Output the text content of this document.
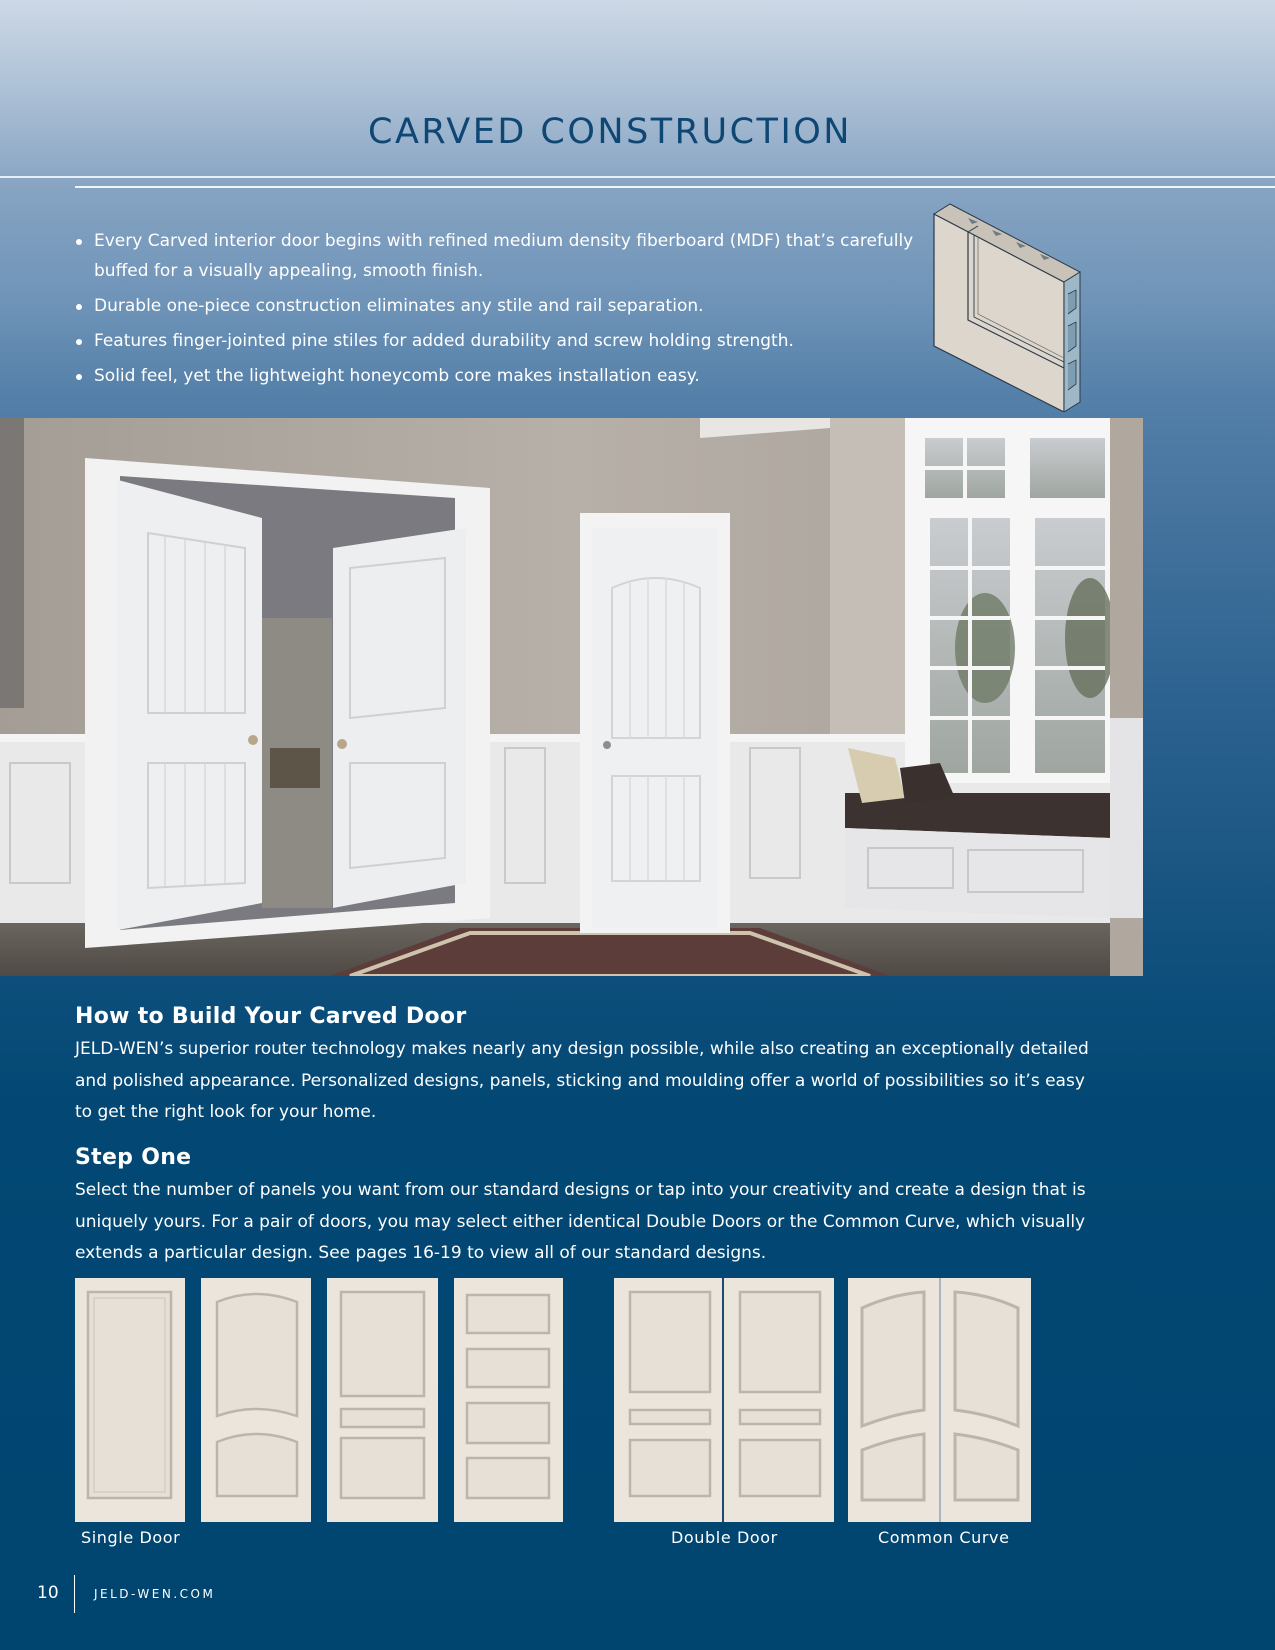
CARVED CONSTRUCTION
Every Carved interior door begins with refined medium density fiberboard (MDF) that’s carefully buffed for a visually appealing, smooth finish.
Durable one-piece construction eliminates any stile and rail separation.
Features finger-jointed pine stiles for added durability and screw holding strength.
Solid feel, yet the lightweight honeycomb core makes installation easy.
How to Build Your Carved Door

JELD-WEN’s superior router technology makes nearly any design possible, while also creating an exceptionally detailed and polished appearance. Personalized designs, panels, sticking and moulding offer a world of possibilities so it’s easy to get the right look for your home.

Step One

Select the number of panels you want from our standard designs or tap into your creativity and create a design that is uniquely yours. For a pair of doors, you may select either identical Double Doors or the Common Curve, which visually extends a particular design. See pages 16-19 to view all of our standard designs.

Single Door	Double Door	Common Curve
10	JELD-WEN.COM
